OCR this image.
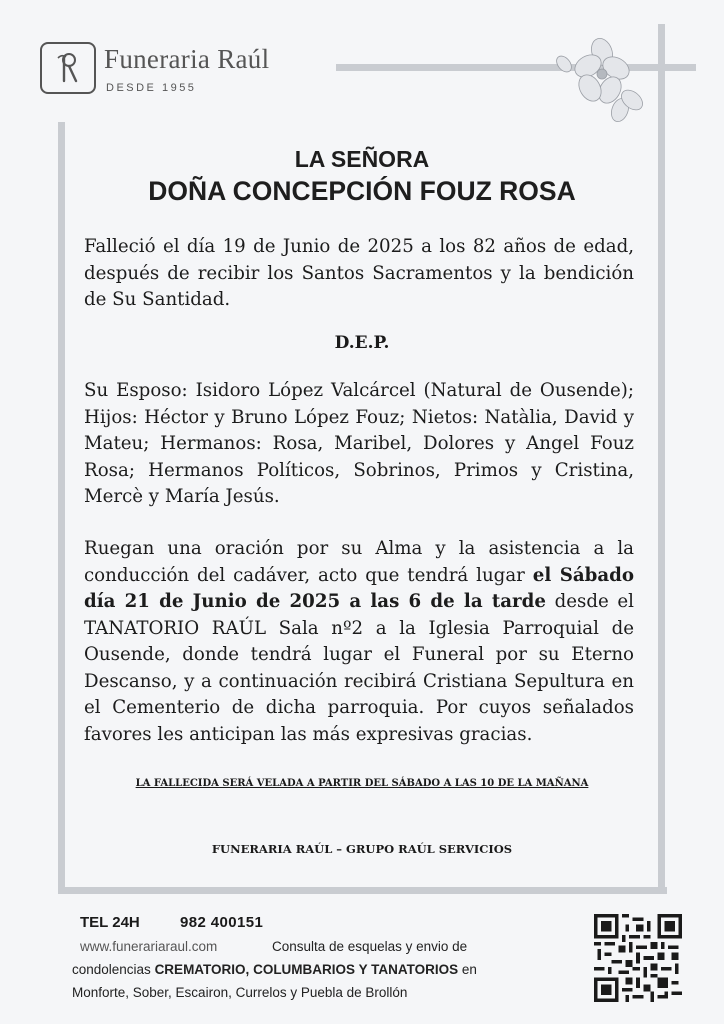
Funeraria Raúl
DESDE 1955
LA SEÑORA
DOÑA CONCEPCIÓN FOUZ ROSA
Falleció el día 19 de Junio de 2025 a los 82 años de edad, después de recibir los Santos Sacramentos y la bendición de Su Santidad.
D.E.P.
Su Esposo: Isidoro López Valcárcel (Natural de Ousende); Hijos: Héctor y Bruno López Fouz; Nietos: Natàlia, David y Mateu; Hermanos: Rosa, Maribel, Dolores y Angel Fouz Rosa; Hermanos Políticos, Sobrinos, Primos y Cristina, Mercè y María Jesús.
Ruegan una oración por su Alma y la asistencia a la conducción del cadáver, acto que tendrá lugar el Sábado día 21 de Junio de 2025 a las 6 de la tarde desde el TANATORIO RAÚL Sala nº2 a la Iglesia Parroquial de Ousende, donde tendrá lugar el Funeral por su Eterno Descanso, y a continuación recibirá Cristiana Sepultura en el Cementerio de dicha parroquia. Por cuyos señalados favores les anticipan las más expresivas gracias.
LA FALLECIDA SERÁ VELADA A PARTIR DEL SÁBADO A LAS 10 DE LA MAÑANA
FUNERARIA RAÚL – GRUPO RAÚL SERVICIOS
TEL 24H	982 400151
www.funerariaraul.com	Consulta de esquelas y envio de
condolencias CREMATORIO, COLUMBARIOS Y TANATORIOS en
Monforte, Sober, Escairon, Currelos y Puebla de Brollón
